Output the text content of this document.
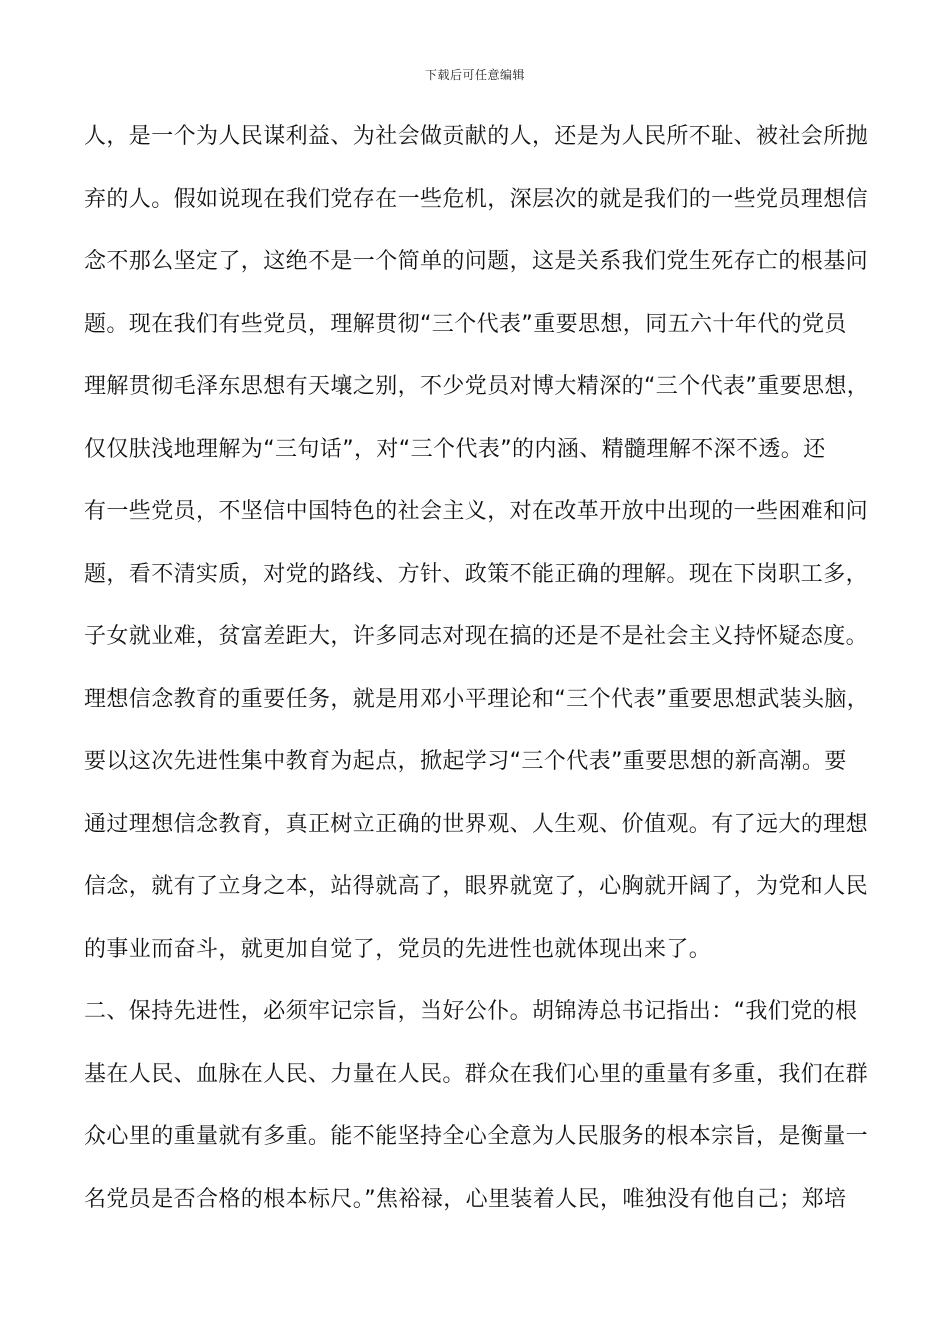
下载后可任意编辑
人，是一个为人民谋利益、为社会做贡献的人，还是为人民所不耻、被社会所抛
弃的人。假如说现在我们党存在一些危机，深层次的就是我们的一些党员理想信
念不那么坚定了，这绝不是一个简单的问题，这是关系我们党生死存亡的根基问
题。现在我们有些党员，理解贯彻“三个代表”重要思想，同五六十年代的党员
理解贯彻毛泽东思想有天壤之别，不少党员对博大精深的“三个代表”重要思想，
仅仅肤浅地理解为“三句话”，对“三个代表”的内涵、精髓理解不深不透。还
有一些党员，不坚信中国特色的社会主义，对在改革开放中出现的一些困难和问
题，看不清实质，对党的路线、方针、政策不能正确的理解。现在下岗职工多，
子女就业难，贫富差距大，许多同志对现在搞的还是不是社会主义持怀疑态度。
理想信念教育的重要任务，就是用邓小平理论和“三个代表”重要思想武装头脑，
要以这次先进性集中教育为起点，掀起学习“三个代表”重要思想的新高潮。要
通过理想信念教育，真正树立正确的世界观、人生观、价值观。有了远大的理想
信念，就有了立身之本，站得就高了，眼界就宽了，心胸就开阔了，为党和人民
的事业而奋斗，就更加自觉了，党员的先进性也就体现出来了。
二、保持先进性，必须牢记宗旨，当好公仆。胡锦涛总书记指出：“我们党的根
基在人民、血脉在人民、力量在人民。群众在我们心里的重量有多重，我们在群
众心里的重量就有多重。能不能坚持全心全意为人民服务的根本宗旨，是衡量一
名党员是否合格的根本标尺。”焦裕禄，心里装着人民，唯独没有他自己；郑培
